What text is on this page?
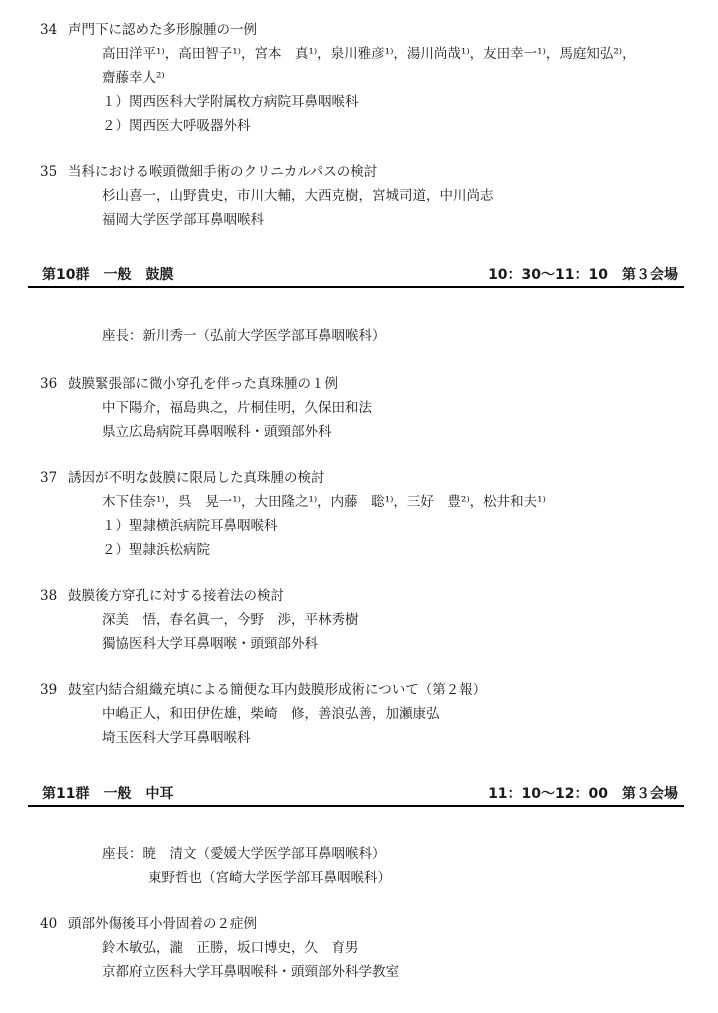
34 声門下に認めた多形腺腫の一例
高田洋平¹⁾，高田智子¹⁾，宮本　真¹⁾，泉川雅彦¹⁾，湯川尚哉¹⁾，友田幸一¹⁾，馬庭知弘²⁾，
齋藤幸人²⁾
１）関西医科大学附属枚方病院耳鼻咽喉科
２）関西医大呼吸器外科
35 当科における喉頭微細手術のクリニカルパスの検討
杉山喜一，山野貴史，市川大輔，大西克樹，宮城司道，中川尚志
福岡大学医学部耳鼻咽喉科
第10群　一般　鼓膜	10：30〜11：10　第３会場
座長：新川秀一（弘前大学医学部耳鼻咽喉科）
36 鼓膜緊張部に微小穿孔を伴った真珠腫の１例
中下陽介，福島典之，片桐佳明，久保田和法
県立広島病院耳鼻咽喉科・頭頸部外科
37 誘因が不明な鼓膜に限局した真珠腫の検討
木下佳奈¹⁾，呉　晃一¹⁾，大田隆之¹⁾，内藤　聡¹⁾，三好　豊²⁾，松井和夫¹⁾
１）聖隷横浜病院耳鼻咽喉科
２）聖隷浜松病院
38 鼓膜後方穿孔に対する接着法の検討
深美　悟，春名眞一，今野　渉，平林秀樹
獨協医科大学耳鼻咽喉・頭頸部外科
39 鼓室内結合組織充填による簡便な耳内鼓膜形成術について（第２報）
中嶋正人，和田伊佐雄，柴崎　修，善浪弘善，加瀬康弘
埼玉医科大学耳鼻咽喉科
第11群　一般　中耳	11：10〜12：00　第３会場
座長：暁　清文（愛媛大学医学部耳鼻咽喉科）
東野哲也（宮崎大学医学部耳鼻咽喉科）
40 頭部外傷後耳小骨固着の２症例
鈴木敏弘，瀧　正勝，坂口博史，久　育男
京都府立医科大学耳鼻咽喉科・頭頸部外科学教室
